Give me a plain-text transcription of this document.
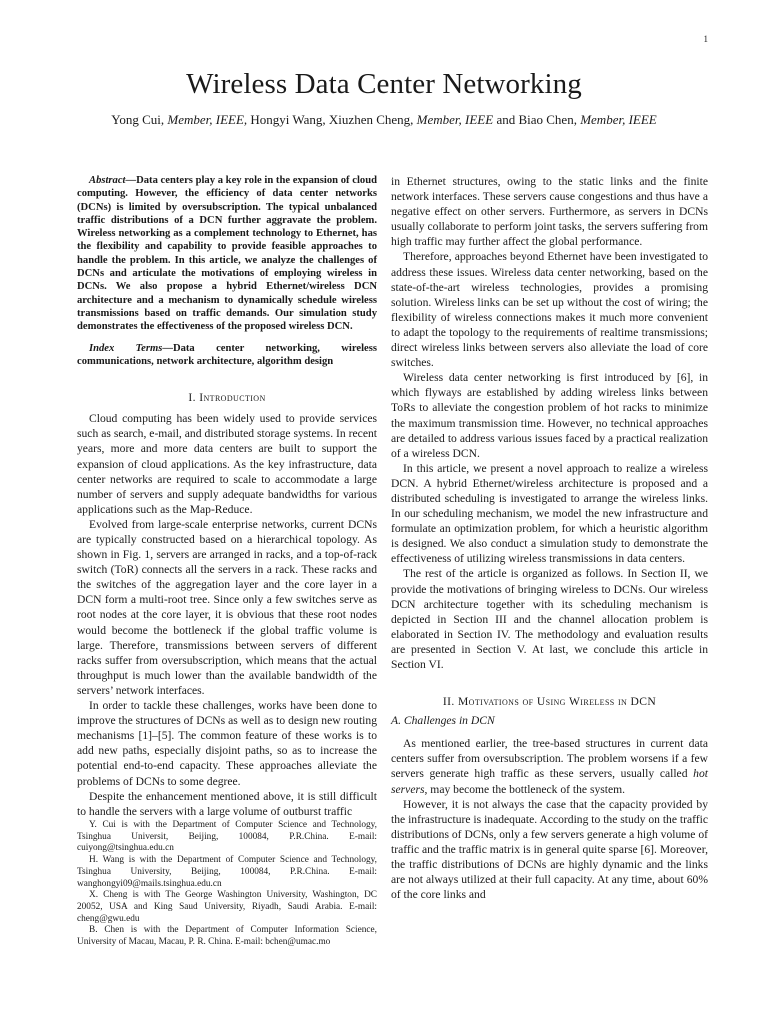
1
Wireless Data Center Networking
Yong Cui, Member, IEEE, Hongyi Wang, Xiuzhen Cheng, Member, IEEE and Biao Chen, Member, IEEE

Abstract—Data centers play a key role in the expansion of cloud computing. However, the efficiency of data center networks (DCNs) is limited by oversubscription. The typical unbalanced traffic distributions of a DCN further aggravate the problem. Wireless networking as a complement technology to Ethernet, has the flexibility and capability to provide feasible approaches to handle the problem. In this article, we analyze the challenges of DCNs and articulate the motivations of employing wireless in DCNs. We also propose a hybrid Ethernet/wireless DCN architecture and a mechanism to dynamically schedule wireless transmissions based on traffic demands. Our simulation study demonstrates the effectiveness of the proposed wireless DCN.

Index Terms—Data center networking, wireless communications, network architecture, algorithm design

I. Introduction

Cloud computing has been widely used to provide services such as search, e-mail, and distributed storage systems. In recent years, more and more data centers are built to support the expansion of cloud applications. As the key infrastructure, data center networks are required to scale to accommodate a large number of servers and supply adequate bandwidths for various applications such as the Map-Reduce.

Evolved from large-scale enterprise networks, current DCNs are typically constructed based on a hierarchical topology. As shown in Fig. 1, servers are arranged in racks, and a top-of-rack switch (ToR) connects all the servers in a rack. These racks and the switches of the aggregation layer and the core layer in a DCN form a multi-root tree. Since only a few switches serve as root nodes at the core layer, it is obvious that these root nodes would become the bottleneck if the global traffic volume is large. Therefore, transmissions between servers of different racks suffer from oversubscription, which means that the actual throughput is much lower than the available bandwidth of the servers’ network interfaces.

In order to tackle these challenges, works have been done to improve the structures of DCNs as well as to design new routing mechanisms [1]–[5]. The common feature of these works is to add new paths, especially disjoint paths, so as to increase the potential end-to-end capacity. These approaches alleviate the problems of DCNs to some degree.

Despite the enhancement mentioned above, it is still difficult to handle the servers with a large volume of outburst traffic

Y. Cui is with the Department of Computer Science and Technology, Tsinghua Universit, Beijing, 100084, P.R.China. E-mail: cuiyong@tsinghua.edu.cn

H. Wang is with the Department of Computer Science and Technology, Tsinghua University, Beijing, 100084, P.R.China. E-mail: wanghongyi09@mails.tsinghua.edu.cn

X. Cheng is with The George Washington University, Washington, DC 20052, USA and King Saud University, Riyadh, Saudi Arabia. E-mail: cheng@gwu.edu

B. Chen is with the Department of Computer Information Science, University of Macau, Macau, P. R. China. E-mail: bchen@umac.mo

in Ethernet structures, owing to the static links and the finite network interfaces. These servers cause congestions and thus have a negative effect on other servers. Furthermore, as servers in DCNs usually collaborate to perform joint tasks, the servers suffering from high traffic may further affect the global performance.

Therefore, approaches beyond Ethernet have been investigated to address these issues. Wireless data center networking, based on the state-of-the-art wireless technologies, provides a promising solution. Wireless links can be set up without the cost of wiring; the flexibility of wireless connections makes it much more convenient to adapt the topology to the requirements of realtime transmissions; direct wireless links between servers also alleviate the load of core switches.

Wireless data center networking is first introduced by [6], in which flyways are established by adding wireless links between ToRs to alleviate the congestion problem of hot racks to minimize the maximum transmission time. However, no technical approaches are detailed to address various issues faced by a practical realization of a wireless DCN.

In this article, we present a novel approach to realize a wireless DCN. A hybrid Ethernet/wireless architecture is proposed and a distributed scheduling is investigated to arrange the wireless links. In our scheduling mechanism, we model the new infrastructure and formulate an optimization problem, for which a heuristic algorithm is designed. We also conduct a simulation study to demonstrate the effectiveness of utilizing wireless transmissions in data centers.

The rest of the article is organized as follows. In Section II, we provide the motivations of bringing wireless to DCNs. Our wireless DCN architecture together with its scheduling mechanism is depicted in Section III and the channel allocation problem is elaborated in Section IV. The methodology and evaluation results are presented in Section V. At last, we conclude this article in Section VI.

II. Motivations of Using Wireless in DCN
A. Challenges in DCN

As mentioned earlier, the tree-based structures in current data centers suffer from oversubscription. The problem worsens if a few servers generate high traffic as these servers, usually called hot servers, may become the bottleneck of the system.

However, it is not always the case that the capacity provided by the infrastructure is inadequate. According to the study on the traffic distributions of DCNs, only a few servers generate a high volume of traffic and the traffic matrix is in general quite sparse [6]. Moreover, the traffic distributions of DCNs are highly dynamic and the links are not always utilized at their full capacity. At any time, about 60% of the core links and
